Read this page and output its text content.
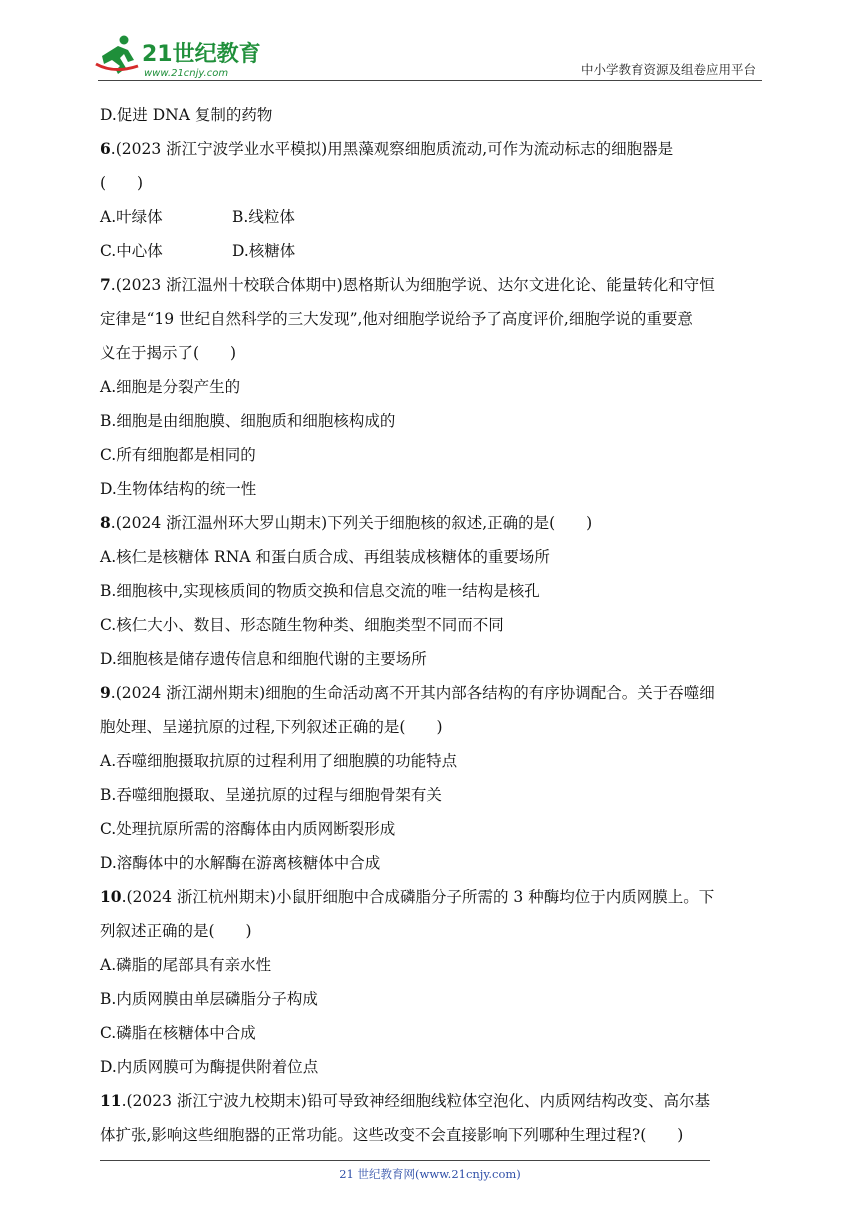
21世纪教育
www.21cnjy.com	中小学教育资源及组卷应用平台
D.促进 DNA 复制的药物
6.(2023 浙江宁波学业水平模拟)用黑藻观察细胞质流动,可作为流动标志的细胞器是
(　　)
A.叶绿体	B.线粒体
C.中心体	D.核糖体
7.(2023 浙江温州十校联合体期中)恩格斯认为细胞学说、达尔文进化论、能量转化和守恒
定律是“19 世纪自然科学的三大发现”,他对细胞学说给予了高度评价,细胞学说的重要意
义在于揭示了(　　)
A.细胞是分裂产生的
B.细胞是由细胞膜、细胞质和细胞核构成的
C.所有细胞都是相同的
D.生物体结构的统一性
8.(2024 浙江温州环大罗山期末)下列关于细胞核的叙述,正确的是(　　)
A.核仁是核糖体 RNA 和蛋白质合成、再组装成核糖体的重要场所
B.细胞核中,实现核质间的物质交换和信息交流的唯一结构是核孔
C.核仁大小、数目、形态随生物种类、细胞类型不同而不同
D.细胞核是储存遗传信息和细胞代谢的主要场所
9.(2024 浙江湖州期末)细胞的生命活动离不开其内部各结构的有序协调配合。关于吞噬细
胞处理、呈递抗原的过程,下列叙述正确的是(　　)
A.吞噬细胞摄取抗原的过程利用了细胞膜的功能特点
B.吞噬细胞摄取、呈递抗原的过程与细胞骨架有关
C.处理抗原所需的溶酶体由内质网断裂形成
D.溶酶体中的水解酶在游离核糖体中合成
10.(2024 浙江杭州期末)小鼠肝细胞中合成磷脂分子所需的 3 种酶均位于内质网膜上。下
列叙述正确的是(　　)
A.磷脂的尾部具有亲水性
B.内质网膜由单层磷脂分子构成
C.磷脂在核糖体中合成
D.内质网膜可为酶提供附着位点
11.(2023 浙江宁波九校期末)铅可导致神经细胞线粒体空泡化、内质网结构改变、高尔基
体扩张,影响这些细胞器的正常功能。这些改变不会直接影响下列哪种生理过程?(　　)
21 世纪教育网(www.21cnjy.com)
